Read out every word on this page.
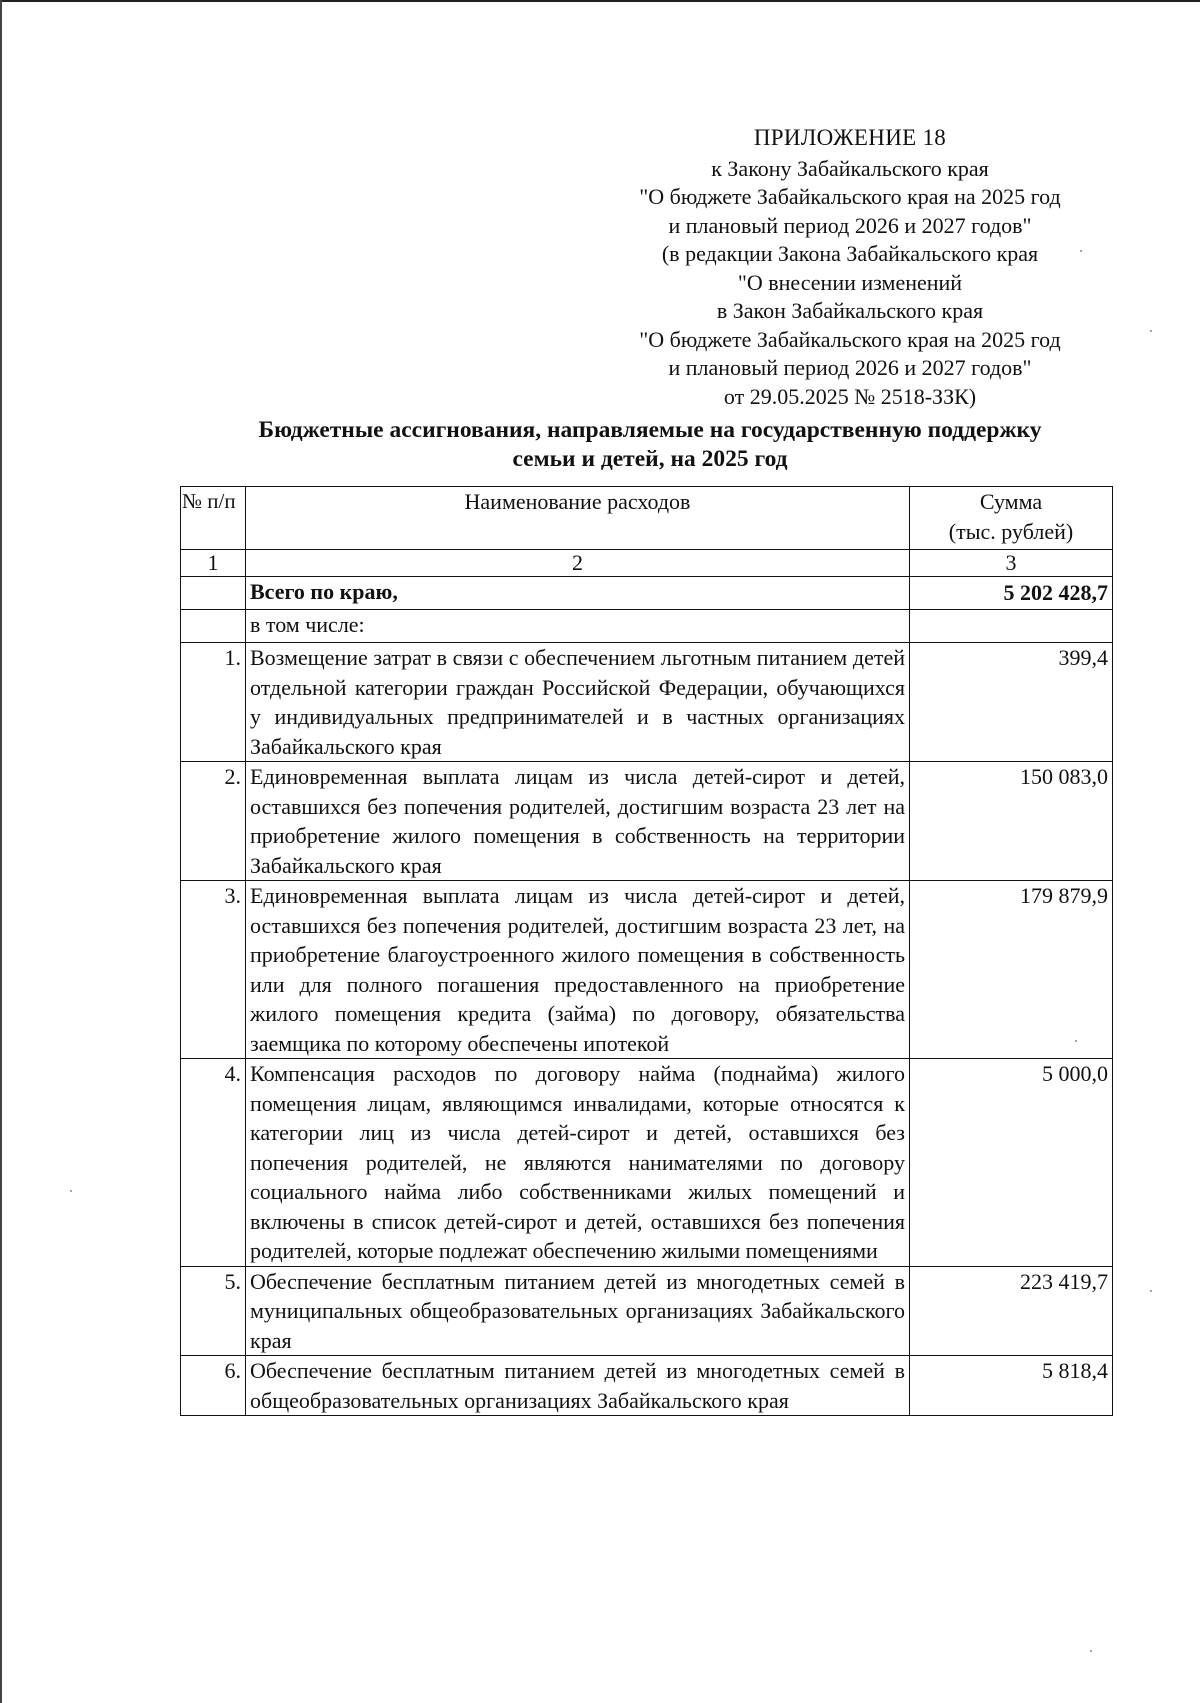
ПРИЛОЖЕНИЕ 18
к Закону Забайкальского края
"О бюджете Забайкальского края на 2025 год
и плановый период 2026 и 2027 годов"
(в редакции Закона Забайкальского края
"О внесении изменений
в Закон Забайкальского края
"О бюджете Забайкальского края на 2025 год
и плановый период 2026 и 2027 годов"
от 29.05.2025 № 2518-ЗЗК)
Бюджетные ассигнования, направляемые на государственную поддержку
семьи и детей, на 2025 год
№ п/п	Наименование расходов	Сумма
(тыс. рублей)

1	2	3
	Всего по краю,	5 202 428,7
	в том числе:	
1.	Возмещение затрат в связи с обеспечением льготным питанием детей отдельной категории граждан Российской Федерации, обучающихся у индивидуальных предпринимателей и в частных организациях Забайкальского края	399,4
2.	Единовременная выплата лицам из числа детей-сирот и детей, оставшихся без попечения родителей, достигшим возраста 23 лет на приобретение жилого помещения в собственность на территории Забайкальского края	150 083,0
3.	Единовременная выплата лицам из числа детей-сирот и детей, оставшихся без попечения родителей, достигшим возраста 23 лет, на приобретение благоустроенного жилого помещения в собственность или для полного погашения предоставленного на приобретение жилого помещения кредита (займа) по договору, обязательства заемщика по которому обеспечены ипотекой	179 879,9
4.	Компенсация расходов по договору найма (поднайма) жилого помещения лицам, являющимся инвалидами, которые относятся к категории лиц из числа детей-сирот и детей, оставшихся без попечения родителей, не являются нанимателями по договору социального найма либо собственниками жилых помещений и включены в список детей-сирот и детей, оставшихся без попечения родителей, которые подлежат обеспечению жилыми помещениями	5 000,0
5.	Обеспечение бесплатным питанием детей из многодетных семей в муниципальных общеобразовательных организациях Забайкальского края	223 419,7
6.	Обеспечение бесплатным питанием детей из многодетных семей в общеобразовательных организациях Забайкальского края	5 818,4
